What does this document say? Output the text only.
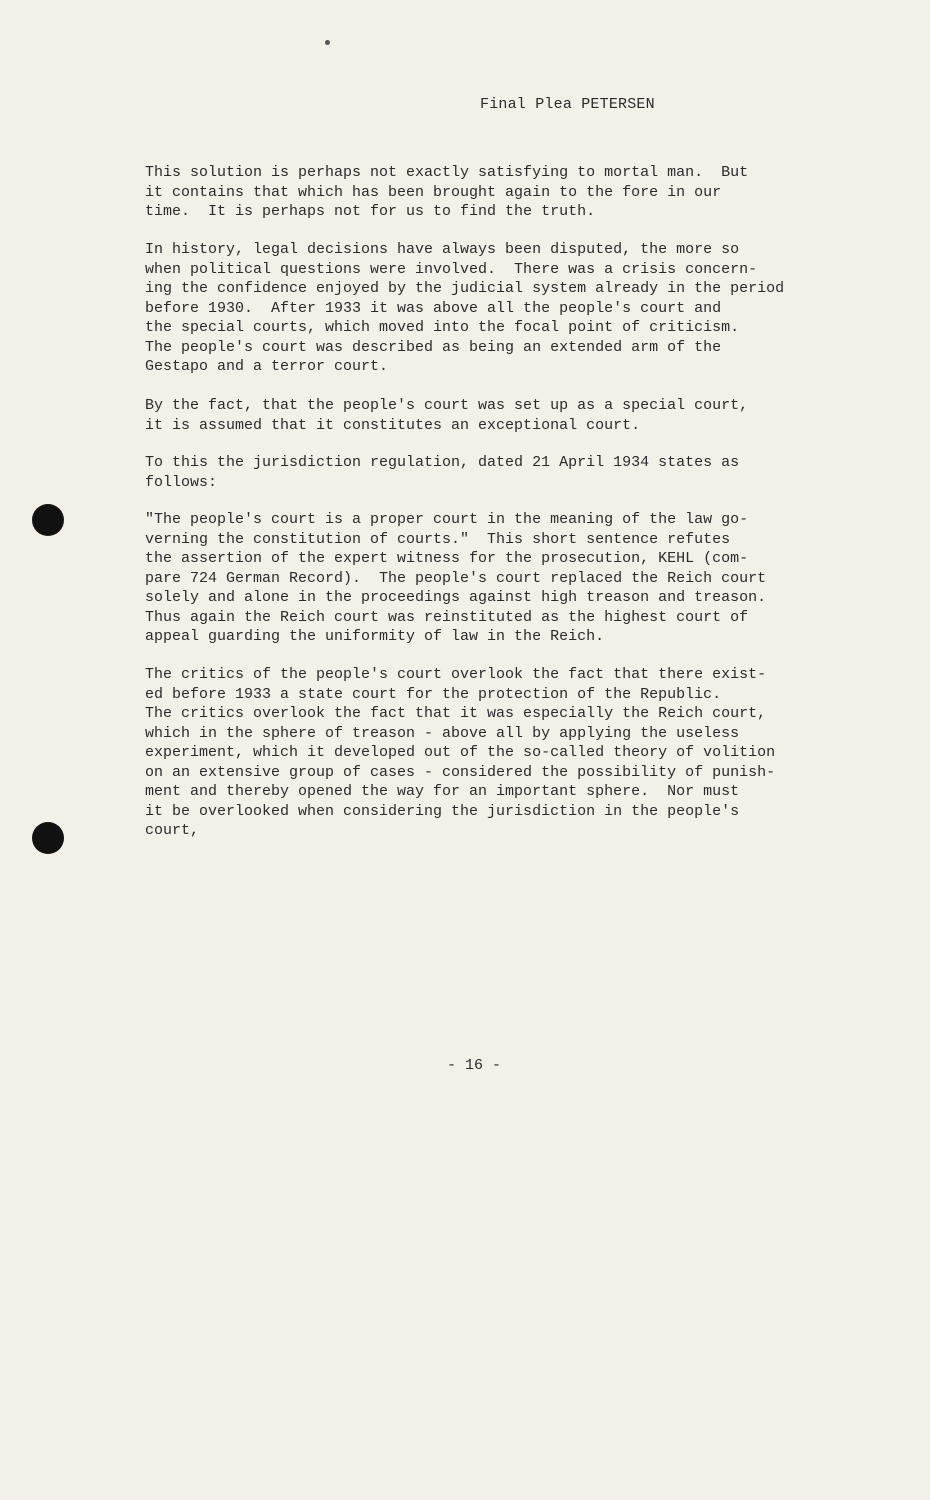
Final Plea PETERSEN
This solution is perhaps not exactly satisfying to mortal man.  But
it contains that which has been brought again to the fore in our
time.  It is perhaps not for us to find the truth.
In history, legal decisions have always been disputed, the more so
when political questions were involved.  There was a crisis concern-
ing the confidence enjoyed by the judicial system already in the period
before 1930.  After 1933 it was above all the people's court and
the special courts, which moved into the focal point of criticism.
The people's court was described as being an extended arm of the
Gestapo and a terror court.
By the fact, that the people's court was set up as a special court,
it is assumed that it constitutes an exceptional court.
To this the jurisdiction regulation, dated 21 April 1934 states as
follows:
"The people's court is a proper court in the meaning of the law go-
verning the constitution of courts."  This short sentence refutes
the assertion of the expert witness for the prosecution, KEHL (com-
pare 724 German Record).  The people's court replaced the Reich court
solely and alone in the proceedings against high treason and treason.
Thus again the Reich court was reinstituted as the highest court of
appeal guarding the uniformity of law in the Reich.
The critics of the people's court overlook the fact that there exist-
ed before 1933 a state court for the protection of the Republic.
The critics overlook the fact that it was especially the Reich court,
which in the sphere of treason - above all by applying the useless
experiment, which it developed out of the so-called theory of volition
on an extensive group of cases - considered the possibility of punish-
ment and thereby opened the way for an important sphere.  Nor must
it be overlooked when considering the jurisdiction in the people's
court,
- 16 -
